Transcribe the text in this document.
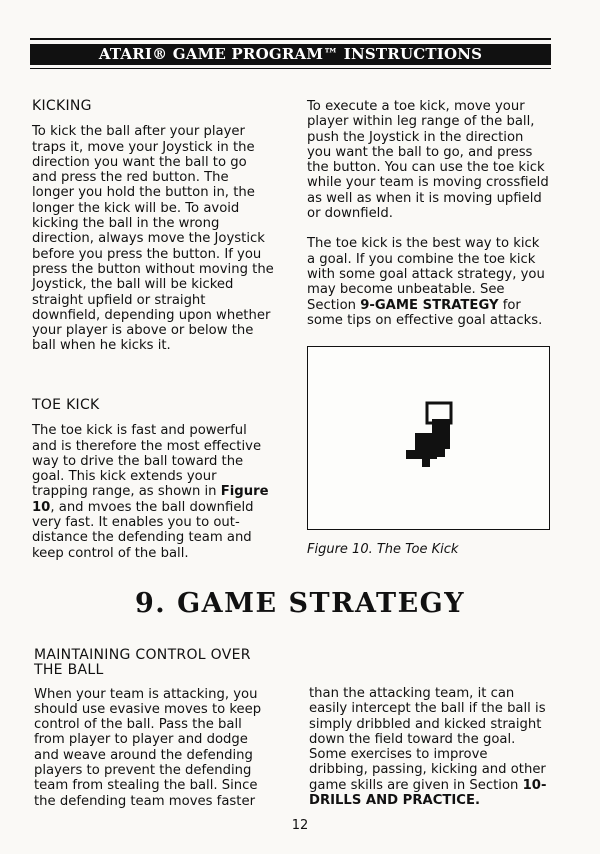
ATARI® GAME PROGRAM™ INSTRUCTIONS
KICKING

To kick the ball after your player traps it, move your Joystick in the direction you want the ball to go and press the red button. The longer you hold the button in, the longer the kick will be. To avoid kicking the ball in the wrong direction, always move the Joystick before you press the button. If you press the button without moving the Joystick, the ball will be kicked straight upfield or straight downfield, depending upon whether your player is above or below the ball when he kicks it.

TOE KICK

The toe kick is fast and powerful and is therefore the most effective way to drive the ball toward the goal. This kick extends your trapping range, as shown in Figure 10, and mvoes the ball downfield very fast. It enables you to out-distance the defending team and keep control of the ball.

To execute a toe kick, move your player within leg range of the ball, push the Joystick in the direction you want the ball to go, and press the button. You can use the toe kick while your team is moving crossfield as well as when it is moving upfield or downfield.

The toe kick is the best way to kick a goal. If you combine the toe kick with some goal attack strategy, you may become unbeatable. See Section 9-GAME STRATEGY for some tips on effective goal attacks.

Figure 10. The Toe Kick
9. GAME STRATEGY
MAINTAINING CONTROL OVER
THE BALL

When your team is attacking, you should use evasive moves to keep control of the ball. Pass the ball from player to player and dodge and weave around the defending players to prevent the defending team from stealing the ball. Since the defending team moves faster

than the attacking team, it can easily intercept the ball if the ball is simply dribbled and kicked straight down the field toward the goal. Some exercises to improve dribbing, passing, kicking and other game skills are given in Section 10-DRILLS AND PRACTICE.

12
